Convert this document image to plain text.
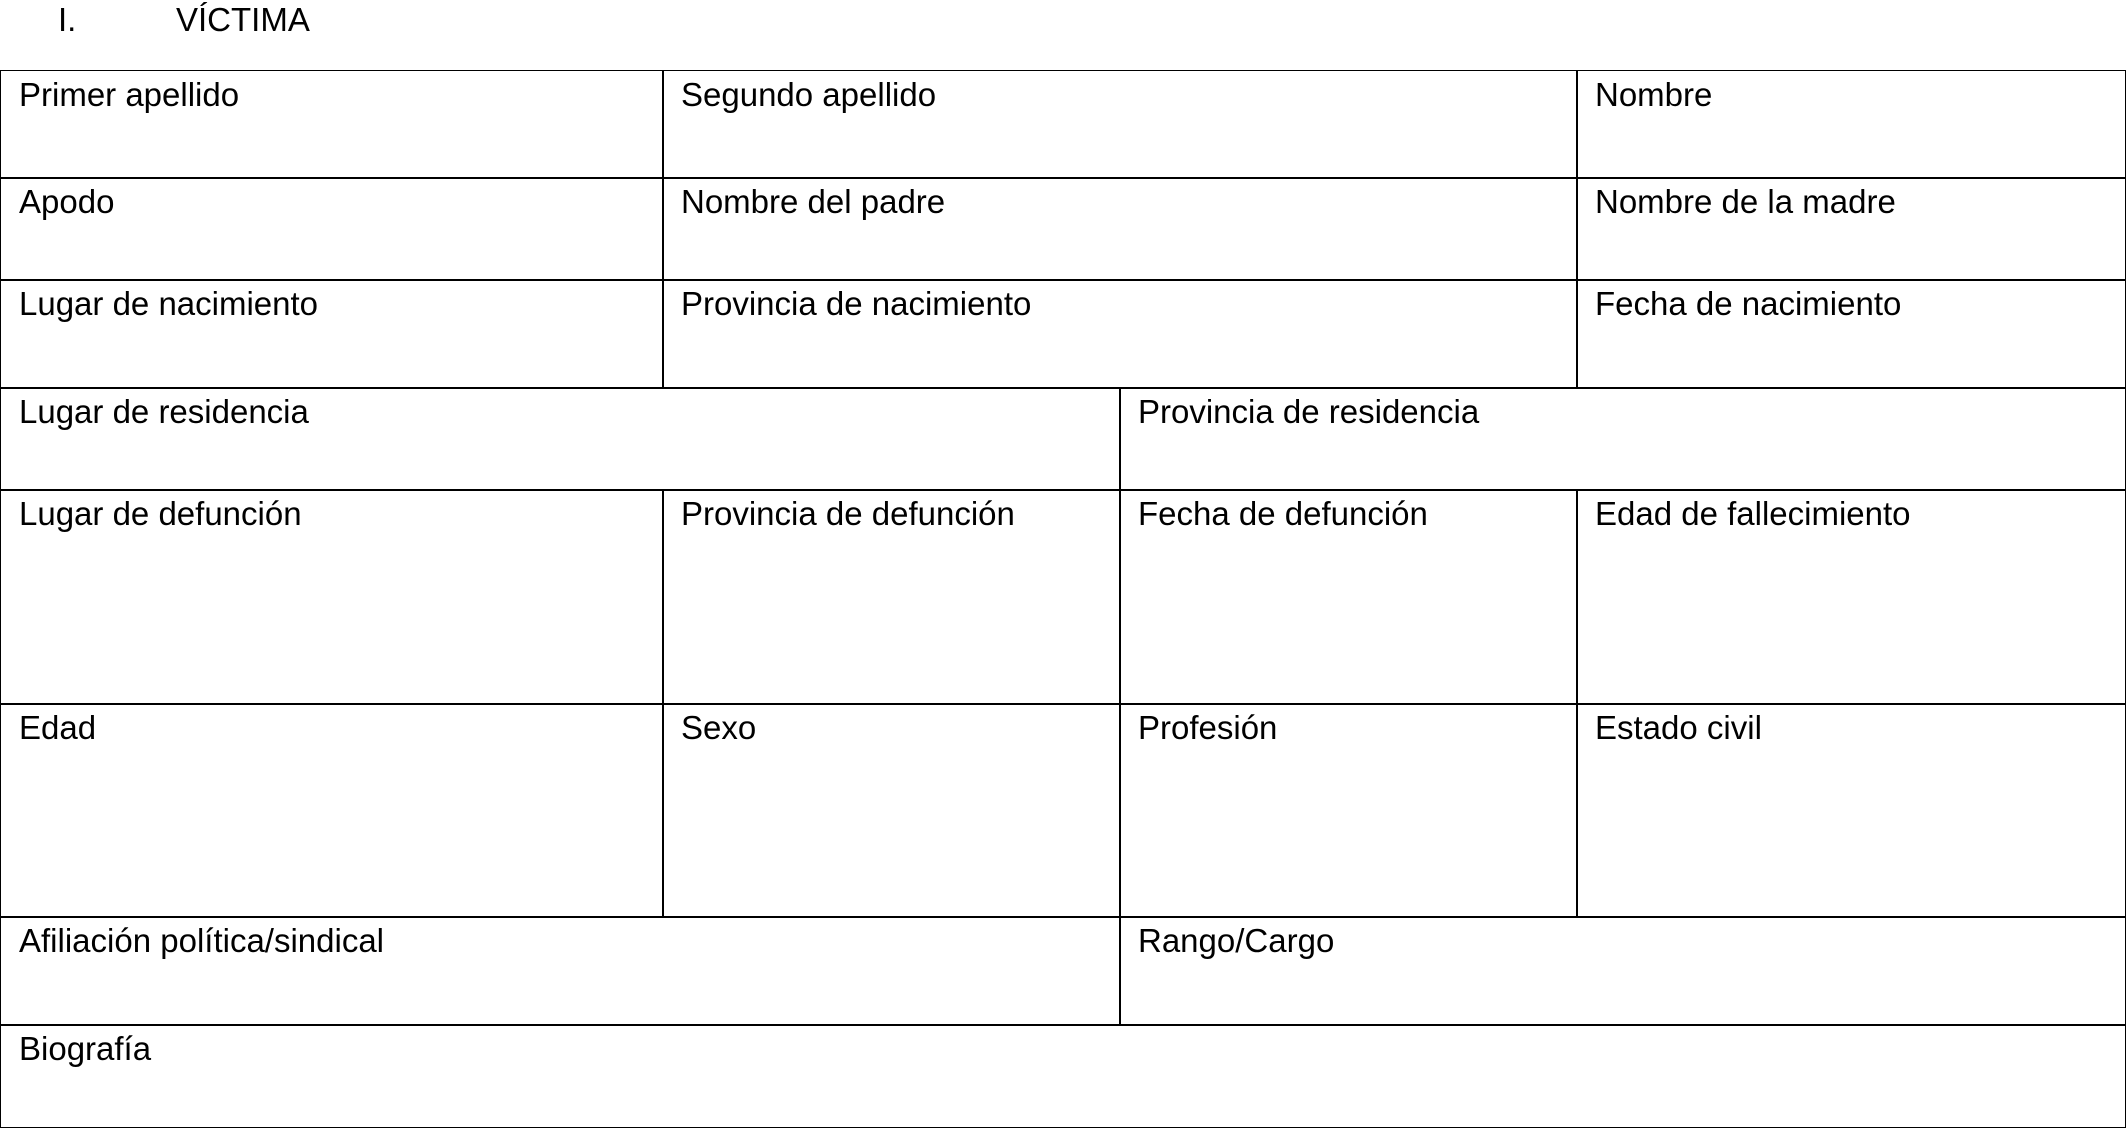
I.	VÍCTIMA
Primer apellido	Segundo apellido	Nombre
Apodo	Nombre del padre	Nombre de la madre
Lugar de nacimiento	Provincia de nacimiento	Fecha de nacimiento
Lugar de residencia	Provincia de residencia
Lugar de defunción	Provincia de defunción	Fecha de defunción	Edad de fallecimiento
Edad	Sexo	Profesión	Estado civil
Afiliación política/sindical	Rango/Cargo
Biografía
